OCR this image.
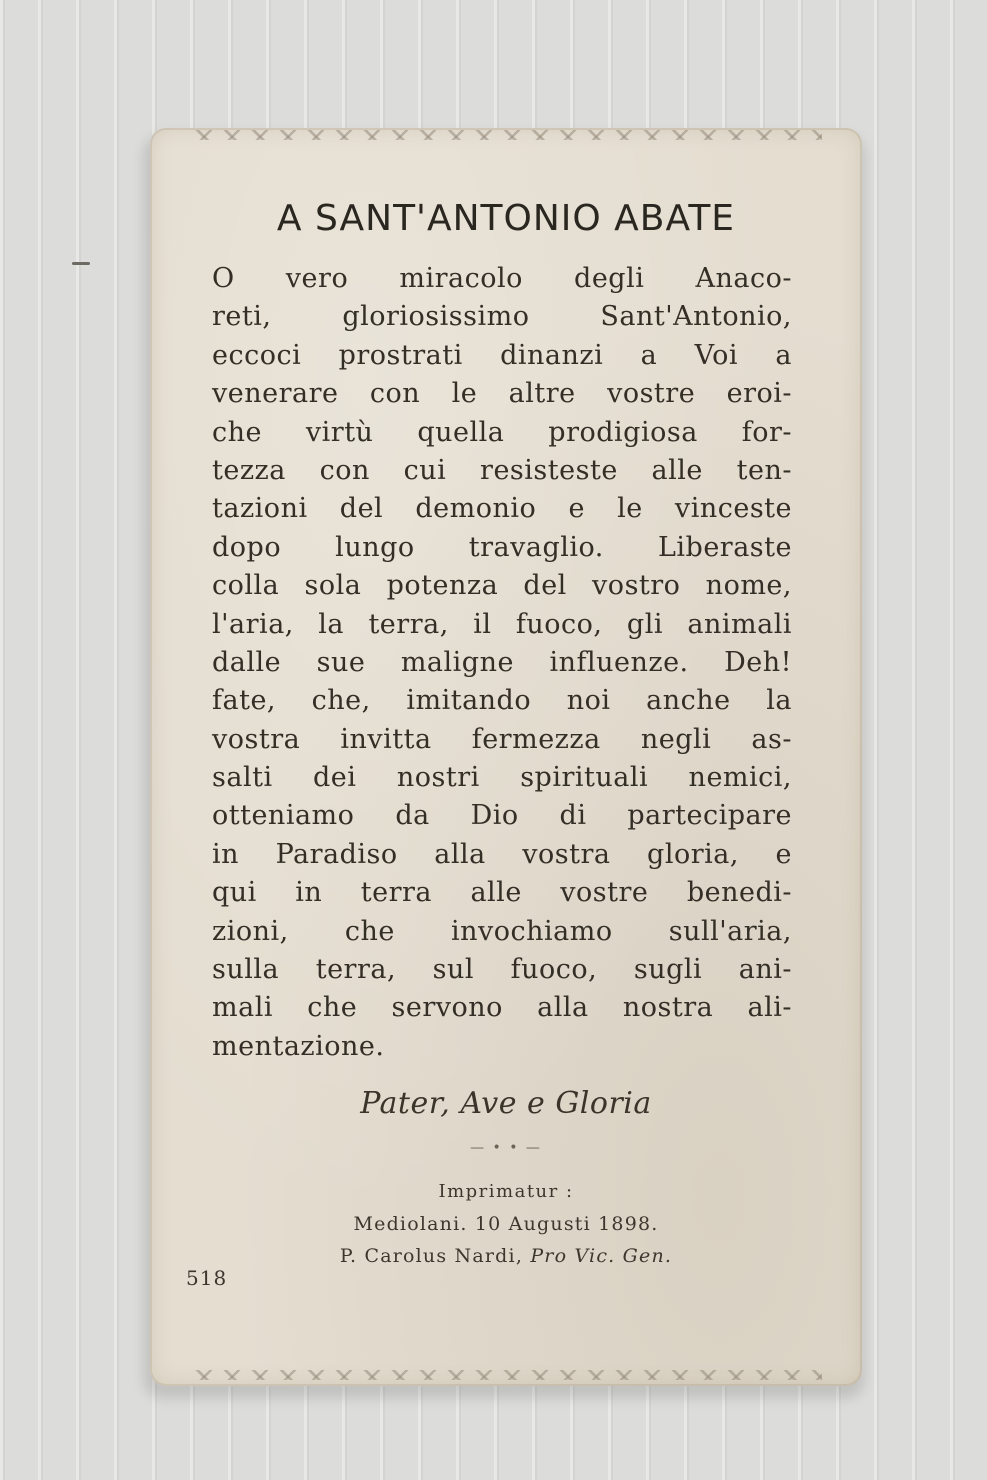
A SANT'ANTONIO ABATE
O vero miracolo degli Anaco-
reti, gloriosissimo Sant'Antonio,
eccoci prostrati dinanzi a Voi a
venerare con le altre vostre eroi-
che virtù quella prodigiosa for-
tezza con cui resisteste alle ten-
tazioni del demonio e le vinceste
dopo lungo travaglio. Liberaste
colla sola potenza del vostro nome,
l'aria, la terra, il fuoco, gli animali
dalle sue maligne influenze. Deh!
fate, che, imitando noi anche la
vostra invitta fermezza negli as-
salti dei nostri spirituali nemici,
otteniamo da Dio di partecipare
in Paradiso alla vostra gloria, e
qui in terra alle vostre benedi-
zioni, che invochiamo sull'aria,
sulla terra, sul fuoco, sugli ani-
mali che servono alla nostra ali-
mentazione.
Pater, Ave e Gloria
— • • —
Imprimatur :
Mediolani. 10 Augusti 1898.
P. Carolus Nardi, Pro Vic. Gen.
518
